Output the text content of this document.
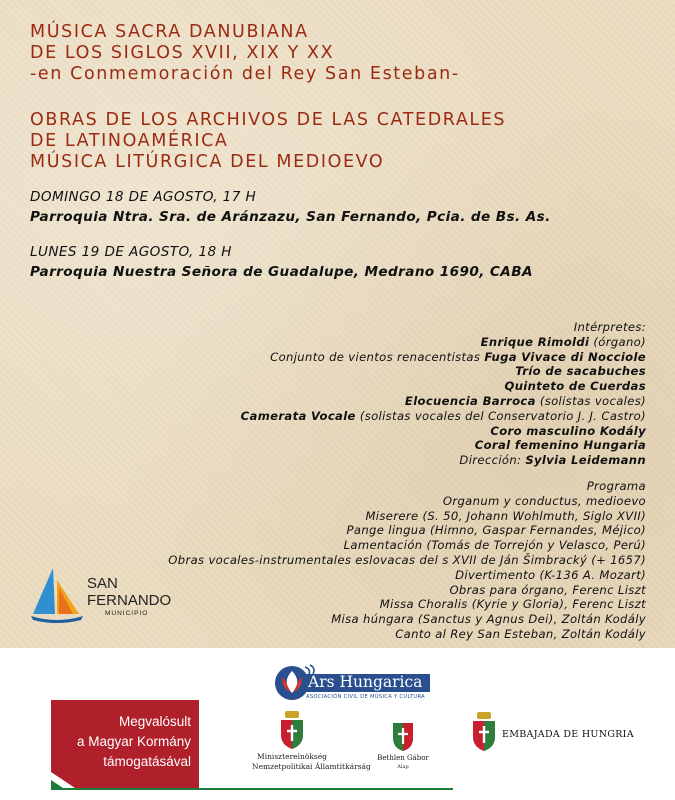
MÚSICA SACRA DANUBIANA
DE LOS SIGLOS XVII, XIX Y XX
-en Conmemoración del Rey San Esteban-
OBRAS DE LOS ARCHIVOS DE LAS CATEDRALES
DE LATINOAMÉRICA
MÚSICA LITÚRGICA DEL MEDIOEVO
DOMINGO 18 DE AGOSTO, 17 H
Parroquia Ntra. Sra. de Aránzazu, San Fernando, Pcia. de Bs. As.
LUNES 19 DE AGOSTO, 18 H
Parroquia Nuestra Señora de Guadalupe, Medrano 1690, CABA
Intérpretes:
Enrique Rimoldi (órgano)
Conjunto de vientos renacentistas Fuga Vivace di Nocciole
Trío de sacabuches
Quinteto de Cuerdas
Elocuencia Barroca (solistas vocales)
Camerata Vocale (solistas vocales del Conservatorio J. J. Castro)
Coro masculino Kodály
Coral femenino Hungaria
Dirección: Sylvia Leidemann
Programa
Organum y conductus, medioevo
Miserere (S. 50, Johann Wohlmuth, Siglo XVII)
Pange lingua (Himno, Gaspar Fernandes, Méjico)
Lamentación (Tomás de Torrejón y Velasco, Perú)
Obras vocales-instrumentales eslovacas del s XVII de Ján Šimbracký (+ 1657)
Divertimento (K-136 A. Mozart)
Obras para órgano, Ferenc Liszt
Missa Choralis (Kyrie y Gloria), Ferenc Liszt
Misa húngara (Sanctus y Agnus Dei), Zoltán Kodály
Canto al Rey San Esteban, Zoltán Kodály
SAN
FERNANDO
MUNICIPIO
Ars Hungarica
ASOCIACIÓN CIVIL DE MÚSICA Y CULTURA
Megvalósult
a Magyar Kormány
támogatásával	Miniszterelnökség
Nemzetpolitikai Államtitkárság
Bethlen Gábor
Alap
EMBAJADA DE HUNGRIA
